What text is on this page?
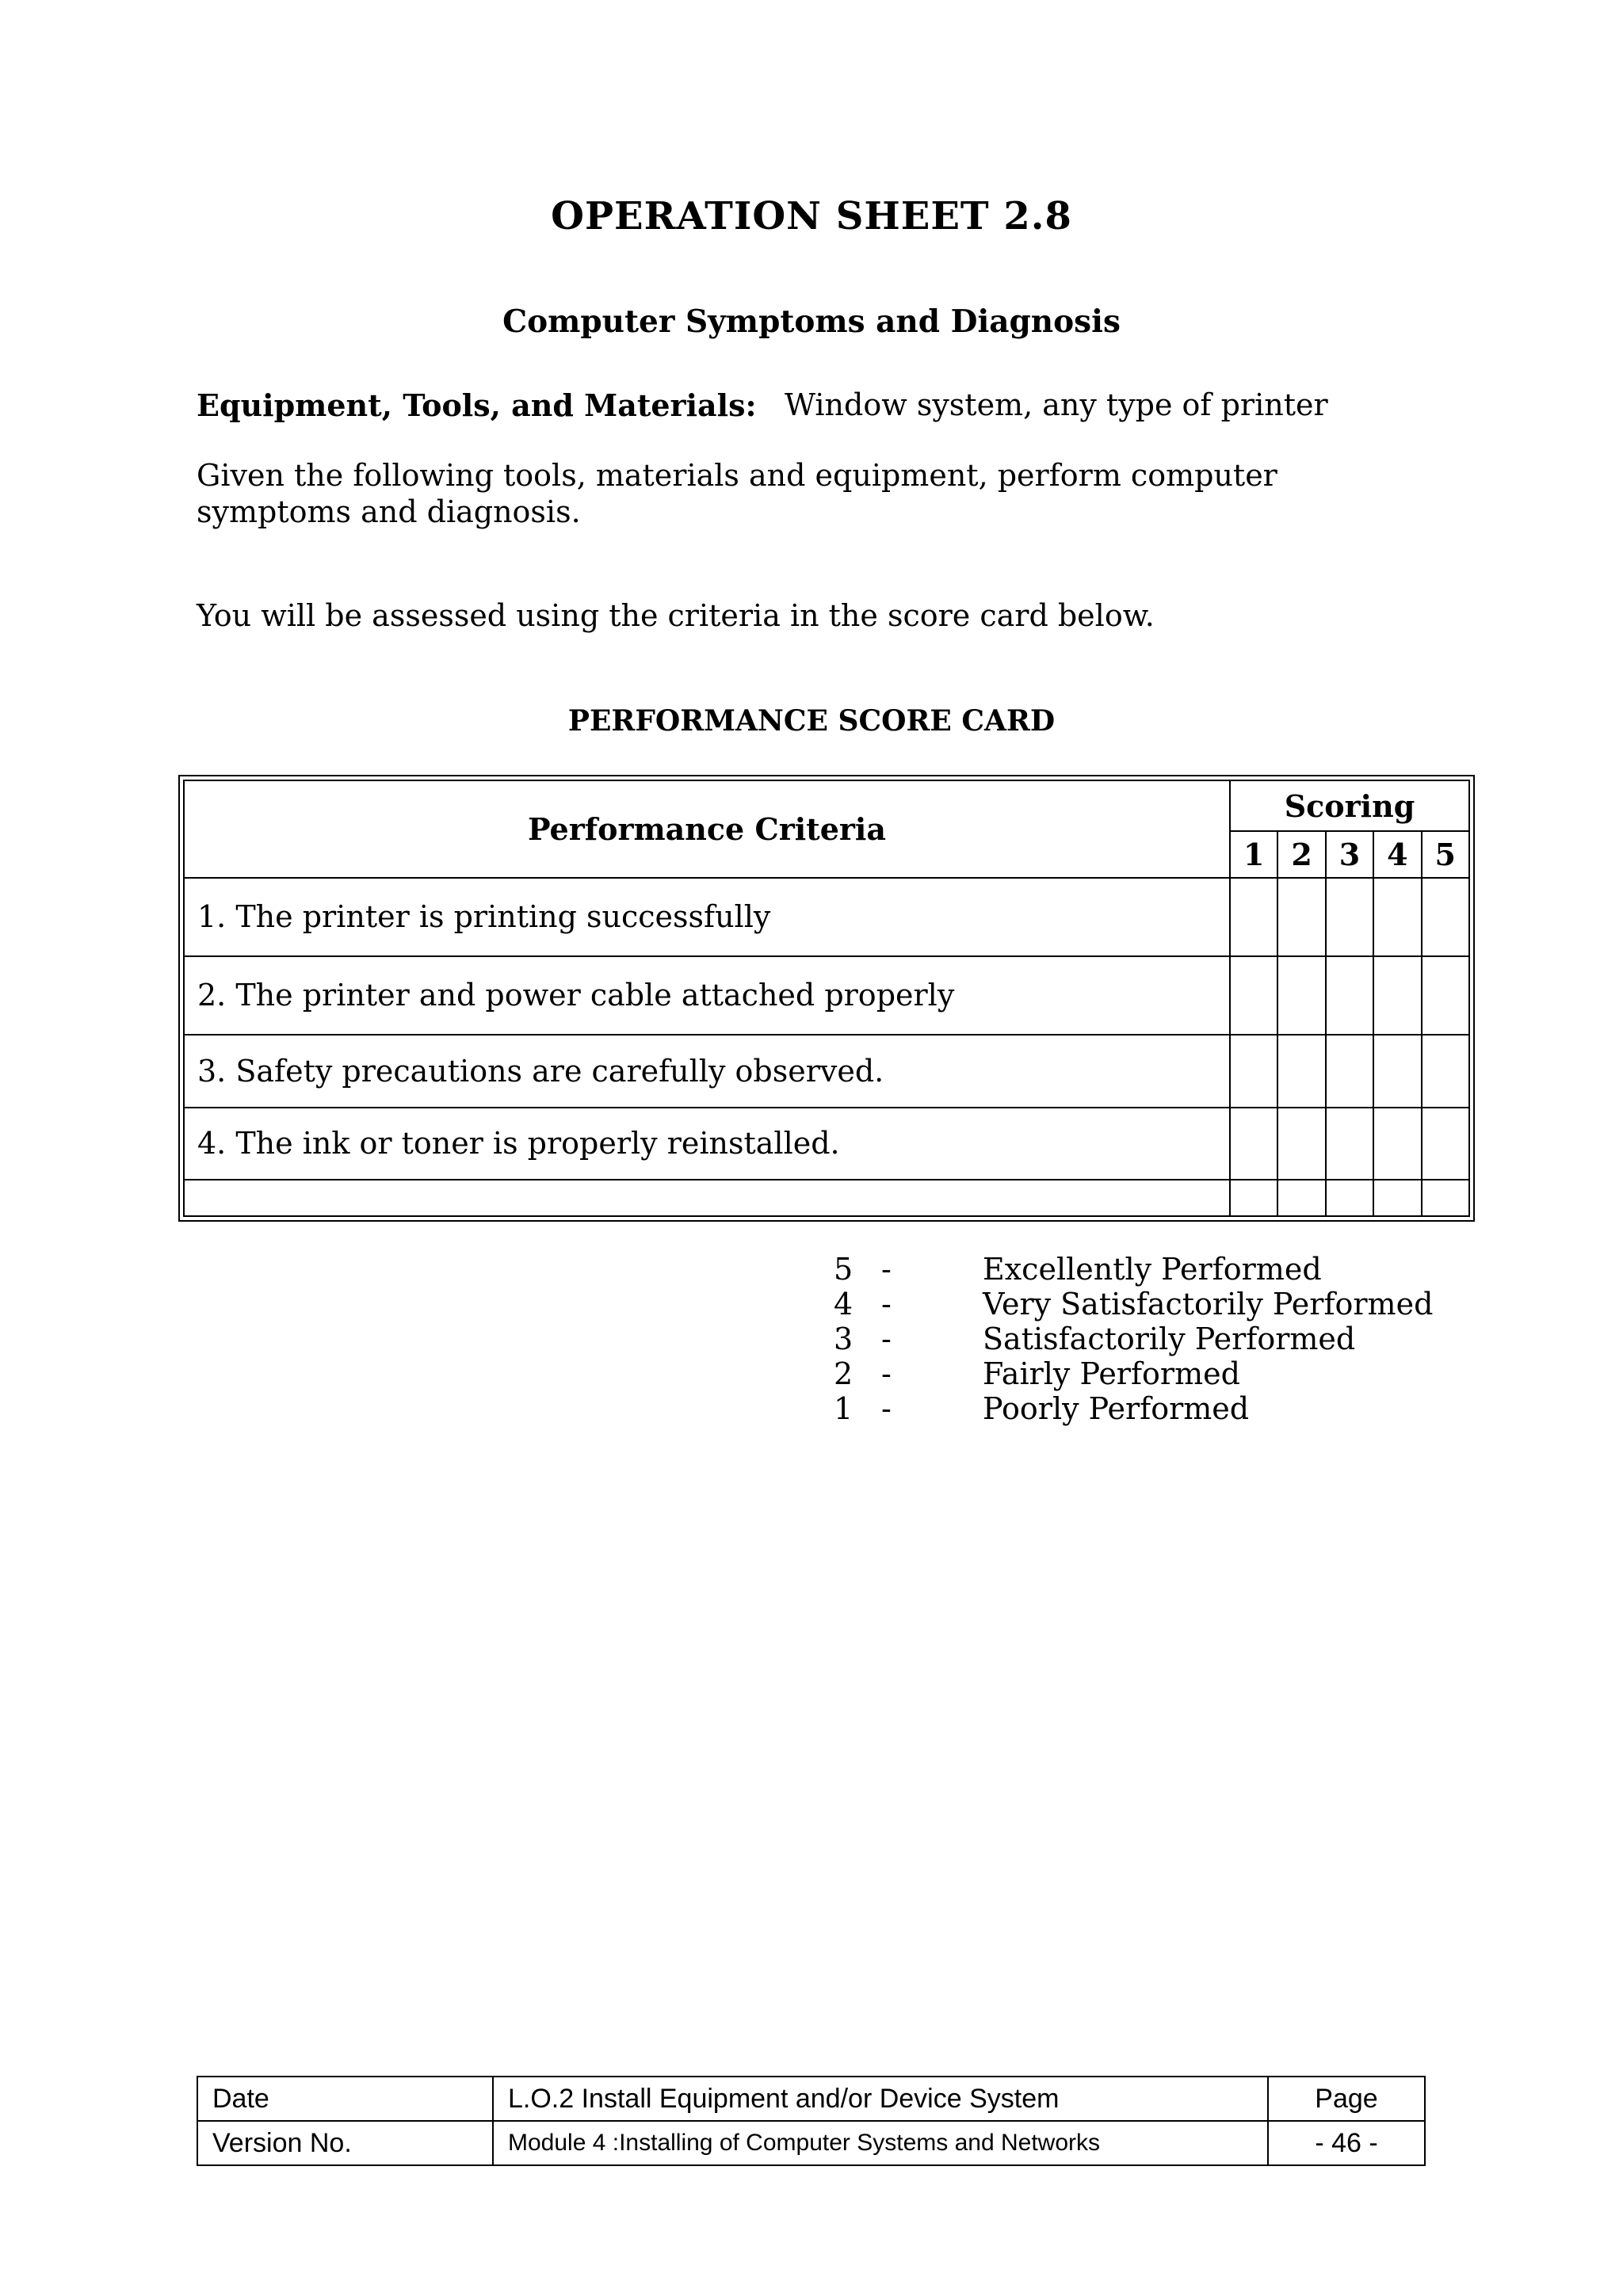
OPERATION SHEET 2.8
Computer Symptoms and Diagnosis
Equipment, Tools, and Materials: Window system, any type of printer
Given the following tools, materials and equipment, perform computer symptoms and diagnosis.
You will be assessed using the criteria in the score card below.
PERFORMANCE SCORE CARD
Performance Criteria	Scoring				
	1	2	3	4	5
1. The printer is printing successfully					
2. The printer and power cable attached properly					
3. Safety precautions are carefully observed.					
4. The ink or toner is properly reinstalled.					

5 -	Excellently Performed
4 -	Very Satisfactorily Performed
3 -	Satisfactorily Performed
2 -	Fairly Performed
1 -	Poorly Performed
Date	L.O.2 Install Equipment and/or Device System	Page
Version No.	Module 4 :Installing of Computer Systems and Networks	- 46 -
